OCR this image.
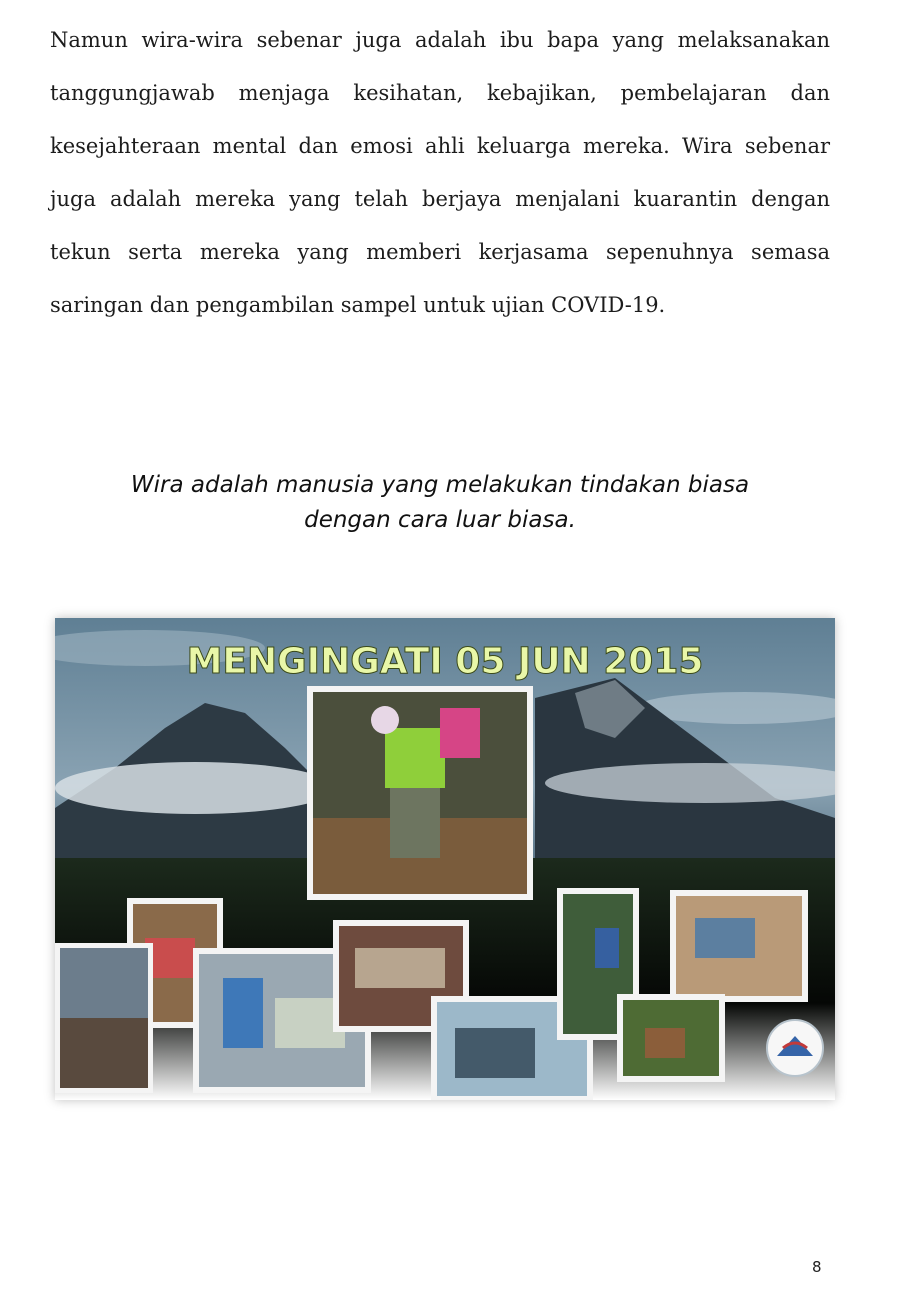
Namun wira-wira sebenar juga adalah ibu bapa yang melaksanakan tanggungjawab menjaga kesihatan, kebajikan, pembelajaran dan kesejahteraan mental dan emosi ahli keluarga mereka. Wira sebenar juga adalah mereka yang telah berjaya menjalani kuarantin dengan tekun serta mereka yang memberi kerjasama sepenuhnya semasa saringan dan pengambilan sampel untuk ujian COVID-19.

Wira adalah manusia yang melakukan tindakan biasa
dengan cara luar biasa.
MENGINGATI 05 JUN 2015
8
